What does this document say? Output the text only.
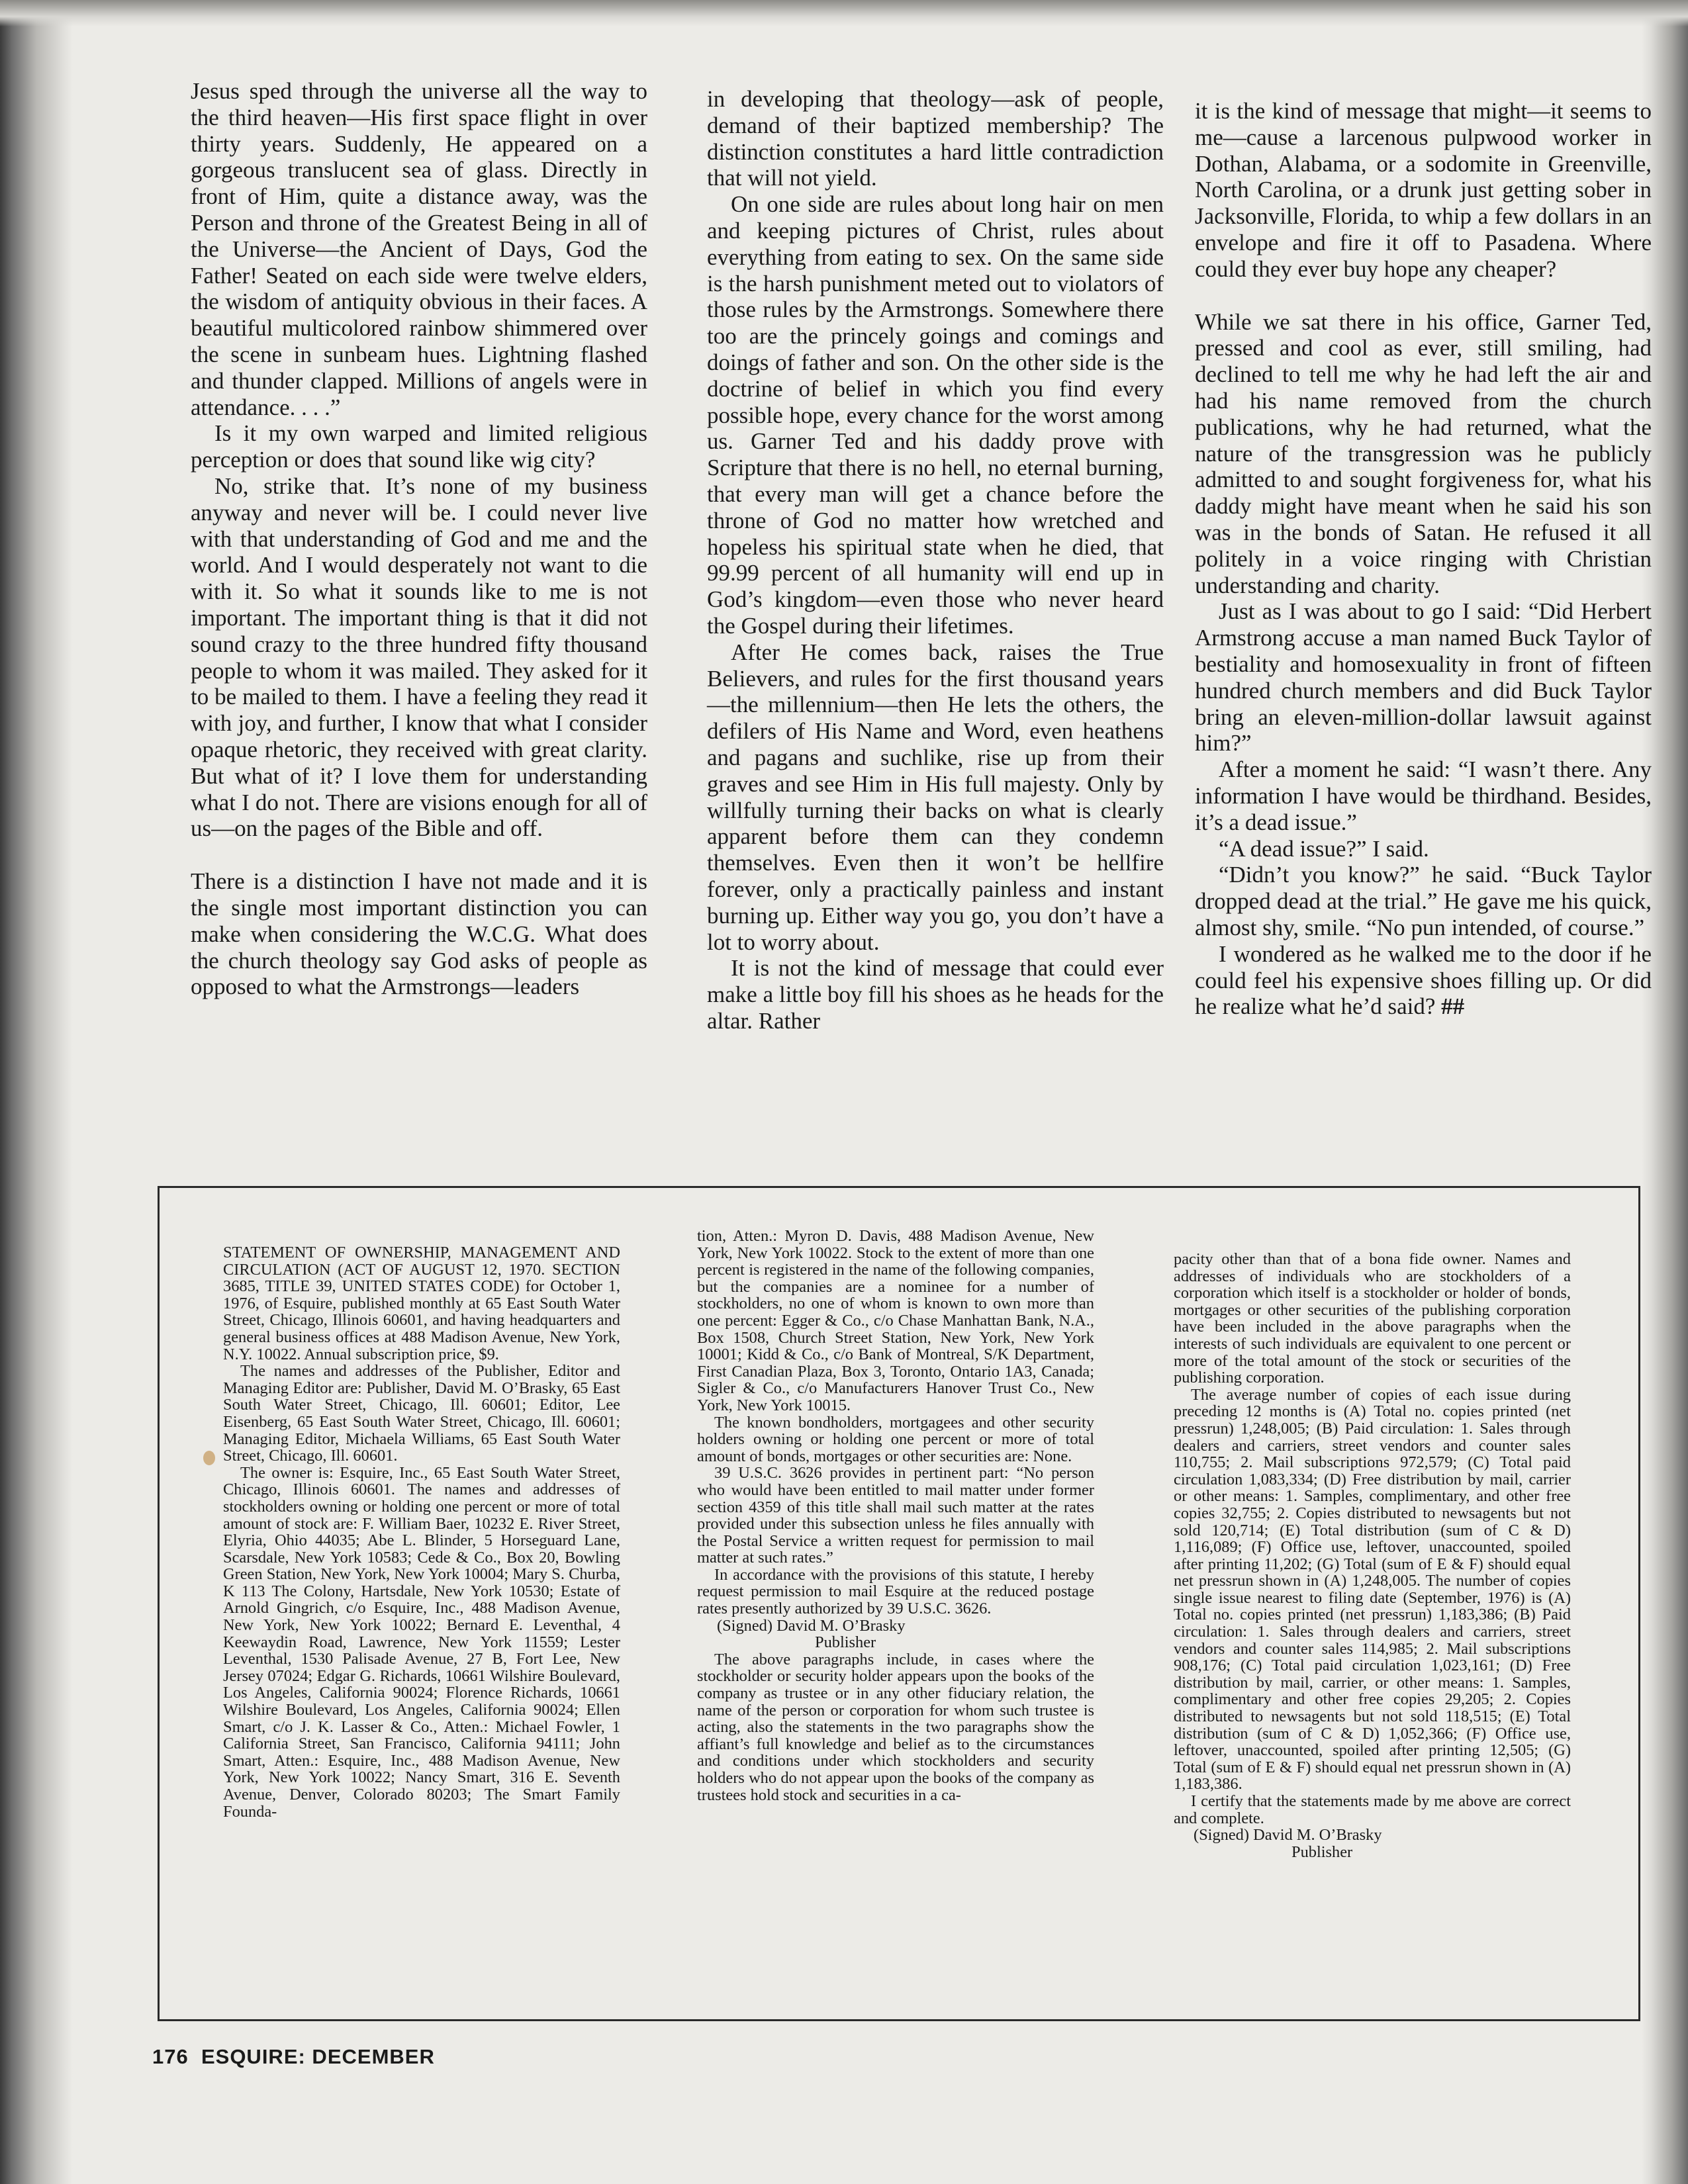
Jesus sped through the universe all the way to the third heaven—His first space flight in over thirty years. Suddenly, He appeared on a gorgeous translucent sea of glass. Directly in front of Him, quite a distance away, was the Person and throne of the Greatest Being in all of the Universe—the Ancient of Days, God the Father! Seated on each side were twelve elders, the wisdom of antiquity obvious in their faces. A beautiful multicolored rainbow shimmered over the scene in sunbeam hues. Lightning flashed and thunder clapped. Millions of angels were in attendance. . . .”

Is it my own warped and limited religious perception or does that sound like wig city?

No, strike that. It’s none of my business anyway and never will be. I could never live with that understanding of God and me and the world. And I would desperately not want to die with it. So what it sounds like to me is not important. The important thing is that it did not sound crazy to the three hundred fifty thousand people to whom it was mailed. They asked for it to be mailed to them. I have a feeling they read it with joy, and further, I know that what I consider opaque rhetoric, they received with great clarity. But what of it? I love them for understanding what I do not. There are visions enough for all of us—on the pages of the Bible and off.

There is a distinction I have not made and it is the single most important distinction you can make when considering the W.C.G. What does the church theology say God asks of people as opposed to what the Armstrongs—leaders

in developing that theology—ask of people, demand of their baptized membership? The distinction constitutes a hard little contradiction that will not yield.

On one side are rules about long hair on men and keeping pictures of Christ, rules about everything from eating to sex. On the same side is the harsh punishment meted out to violators of those rules by the Armstrongs. Somewhere there too are the princely goings and comings and doings of father and son. On the other side is the doctrine of belief in which you find every possible hope, every chance for the worst among us. Garner Ted and his daddy prove with Scripture that there is no hell, no eternal burning, that every man will get a chance before the throne of God no matter how wretched and hopeless his spiritual state when he died, that 99.99 percent of all humanity will end up in God’s kingdom—even those who never heard the Gospel during their lifetimes.

After He comes back, raises the True Believers, and rules for the first thousand years—the millennium—then He lets the others, the defilers of His Name and Word, even heathens and pagans and suchlike, rise up from their graves and see Him in His full majesty. Only by willfully turning their backs on what is clearly apparent before them can they condemn themselves. Even then it won’t be hellfire forever, only a practically painless and instant burning up. Either way you go, you don’t have a lot to worry about.

It is not the kind of message that could ever make a little boy fill his shoes as he heads for the altar. Rather

it is the kind of message that might—it seems to me—cause a larcenous pulpwood worker in Dothan, Alabama, or a sodomite in Greenville, North Carolina, or a drunk just getting sober in Jacksonville, Florida, to whip a few dollars in an envelope and fire it off to Pasadena. Where could they ever buy hope any cheaper?

While we sat there in his office, Garner Ted, pressed and cool as ever, still smiling, had declined to tell me why he had left the air and had his name removed from the church publications, why he had returned, what the nature of the transgression was he publicly admitted to and sought forgiveness for, what his daddy might have meant when he said his son was in the bonds of Satan. He refused it all politely in a voice ringing with Christian understanding and charity.

Just as I was about to go I said: “Did Herbert Armstrong accuse a man named Buck Taylor of bestiality and homosexuality in front of fifteen hundred church members and did Buck Taylor bring an eleven-million-dollar lawsuit against him?”

After a moment he said: “I wasn’t there. Any information I have would be thirdhand. Besides, it’s a dead issue.”

“A dead issue?” I said.

“Didn’t you know?” he said. “Buck Taylor dropped dead at the trial.” He gave me his quick, almost shy, smile. “No pun intended, of course.”

I wondered as he walked me to the door if he could feel his expensive shoes filling up. Or did he realize what he’d said? ##

STATEMENT OF OWNERSHIP, MANAGEMENT AND CIRCULATION (ACT OF AUGUST 12, 1970. SECTION 3685, TITLE 39, UNITED STATES CODE) for October 1, 1976, of Esquire, published monthly at 65 East South Water Street, Chicago, Illinois 60601, and having headquarters and general business offices at 488 Madison Avenue, New York, N.Y. 10022. Annual subscription price, $9.

The names and addresses of the Publisher, Editor and Managing Editor are: Publisher, David M. O’Brasky, 65 East South Water Street, Chicago, Ill. 60601; Editor, Lee Eisenberg, 65 East South Water Street, Chicago, Ill. 60601; Managing Editor, Michaela Williams, 65 East South Water Street, Chicago, Ill. 60601.

The owner is: Esquire, Inc., 65 East South Water Street, Chicago, Illinois 60601. The names and addresses of stockholders owning or holding one percent or more of total amount of stock are: F. William Baer, 10232 E. River Street, Elyria, Ohio 44035; Abe L. Blinder, 5 Horseguard Lane, Scarsdale, New York 10583; Cede & Co., Box 20, Bowling Green Station, New York, New York 10004; Mary S. Churba, K 113 The Colony, Hartsdale, New York 10530; Estate of Arnold Gingrich, c/o Esquire, Inc., 488 Madison Avenue, New York, New York 10022; Bernard E. Leventhal, 4 Keewaydin Road, Lawrence, New York 11559; Lester Leventhal, 1530 Palisade Avenue, 27 B, Fort Lee, New Jersey 07024; Edgar G. Richards, 10661 Wilshire Boulevard, Los Angeles, California 90024; Florence Richards, 10661 Wilshire Boulevard, Los Angeles, California 90024; Ellen Smart, c/o J. K. Lasser & Co., Atten.: Michael Fowler, 1 California Street, San Francisco, California 94111; John Smart, Atten.: Esquire, Inc., 488 Madison Avenue, New York, New York 10022; Nancy Smart, 316 E. Seventh Avenue, Denver, Colorado 80203; The Smart Family Founda-

tion, Atten.: Myron D. Davis, 488 Madison Avenue, New York, New York 10022. Stock to the extent of more than one percent is registered in the name of the following companies, but the companies are a nominee for a number of stockholders, no one of whom is known to own more than one percent: Egger & Co., c/o Chase Manhattan Bank, N.A., Box 1508, Church Street Station, New York, New York 10001; Kidd & Co., c/o Bank of Montreal, S/K Department, First Canadian Plaza, Box 3, Toronto, Ontario 1A3, Canada; Sigler & Co., c/o Manufacturers Hanover Trust Co., New York, New York 10015.

The known bondholders, mortgagees and other security holders owning or holding one percent or more of total amount of bonds, mortgages or other securities are: None.

39 U.S.C. 3626 provides in pertinent part: “No person who would have been entitled to mail matter under former section 4359 of this title shall mail such matter at the rates provided under this subsection unless he files annually with the Postal Service a written request for permission to mail matter at such rates.”

In accordance with the provisions of this statute, I hereby request permission to mail Esquire at the reduced postage rates presently authorized by 39 U.S.C. 3626.

(Signed) David M. O’Brasky

Publisher

The above paragraphs include, in cases where the stockholder or security holder appears upon the books of the company as trustee or in any other fiduciary relation, the name of the person or corporation for whom such trustee is acting, also the statements in the two paragraphs show the affiant’s full knowledge and belief as to the circumstances and conditions under which stockholders and security holders who do not appear upon the books of the company as trustees hold stock and securities in a ca-

pacity other than that of a bona fide owner. Names and addresses of individuals who are stockholders of a corporation which itself is a stockholder or holder of bonds, mortgages or other securities of the publishing corporation have been included in the above paragraphs when the interests of such individuals are equivalent to one percent or more of the total amount of the stock or securities of the publishing corporation.

The average number of copies of each issue during preceding 12 months is (A) Total no. copies printed (net pressrun) 1,248,005; (B) Paid circulation: 1. Sales through dealers and carriers, street vendors and counter sales 110,755; 2. Mail subscriptions 972,579; (C) Total paid circulation 1,083,334; (D) Free distribution by mail, carrier or other means: 1. Samples, complimentary, and other free copies 32,755; 2. Copies distributed to newsagents but not sold 120,714; (E) Total distribution (sum of C & D) 1,116,089; (F) Office use, leftover, unaccounted, spoiled after printing 11,202; (G) Total (sum of E & F) should equal net pressrun shown in (A) 1,248,005. The number of copies single issue nearest to filing date (September, 1976) is (A) Total no. copies printed (net pressrun) 1,183,386; (B) Paid circulation: 1. Sales through dealers and carriers, street vendors and counter sales 114,985; 2. Mail subscriptions 908,176; (C) Total paid circulation 1,023,161; (D) Free distribution by mail, carrier, or other means: 1. Samples, complimentary and other free copies 29,205; 2. Copies distributed to newsagents but not sold 118,515; (E) Total distribution (sum of C & D) 1,052,366; (F) Office use, leftover, unaccounted, spoiled after printing 12,505; (G) Total (sum of E & F) should equal net pressrun shown in (A) 1,183,386.

I certify that the statements made by me above are correct and complete.

(Signed) David M. O’Brasky

Publisher

176 ESQUIRE: DECEMBER
